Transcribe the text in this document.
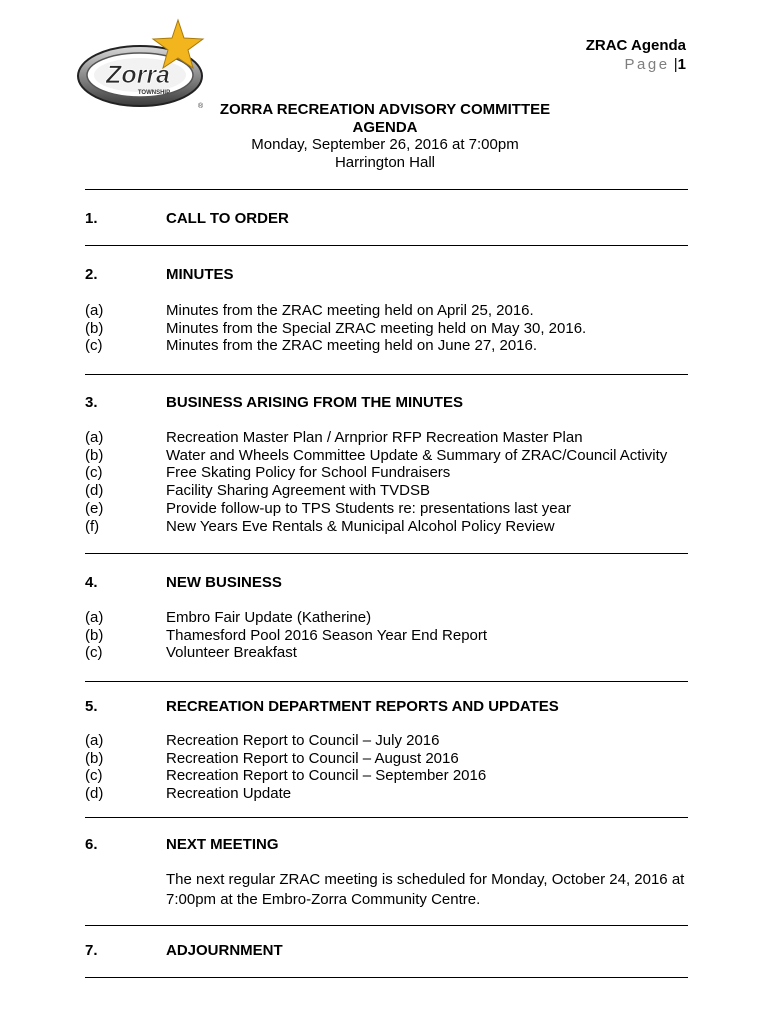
Zorra
TOWNSHIP
®
ZRAC Agenda
Page |1
ZORRA RECREATION ADVISORY COMMITTEE
AGENDA
Monday, September 26, 2016 at 7:00pm
Harrington Hall
1.	CALL TO ORDER
2.	MINUTES
(a)	Minutes from the ZRAC meeting held on April 25, 2016.
(b)	Minutes from the Special ZRAC meeting held on May 30, 2016.
(c)	Minutes from the ZRAC meeting held on June 27, 2016.
3.	BUSINESS ARISING FROM THE MINUTES
(a)	Recreation Master Plan / Arnprior RFP Recreation Master Plan
(b)	Water and Wheels Committee Update & Summary of ZRAC/Council Activity
(c)	Free Skating Policy for School Fundraisers
(d)	Facility Sharing Agreement with TVDSB
(e)	Provide follow-up to TPS Students re: presentations last year
(f)	New Years Eve Rentals & Municipal Alcohol Policy Review
4.	NEW BUSINESS
(a)	Embro Fair Update (Katherine)
(b)	Thamesford Pool 2016 Season Year End Report
(c)	Volunteer Breakfast
5.	RECREATION DEPARTMENT REPORTS AND UPDATES
(a)	Recreation Report to Council – July 2016
(b)	Recreation Report to Council – August 2016
(c)	Recreation Report to Council – September 2016
(d)	Recreation Update
6.	NEXT MEETING
The next regular ZRAC meeting is scheduled for Monday, October 24, 2016 at 7:00pm at the Embro-Zorra Community Centre.
7.	ADJOURNMENT
